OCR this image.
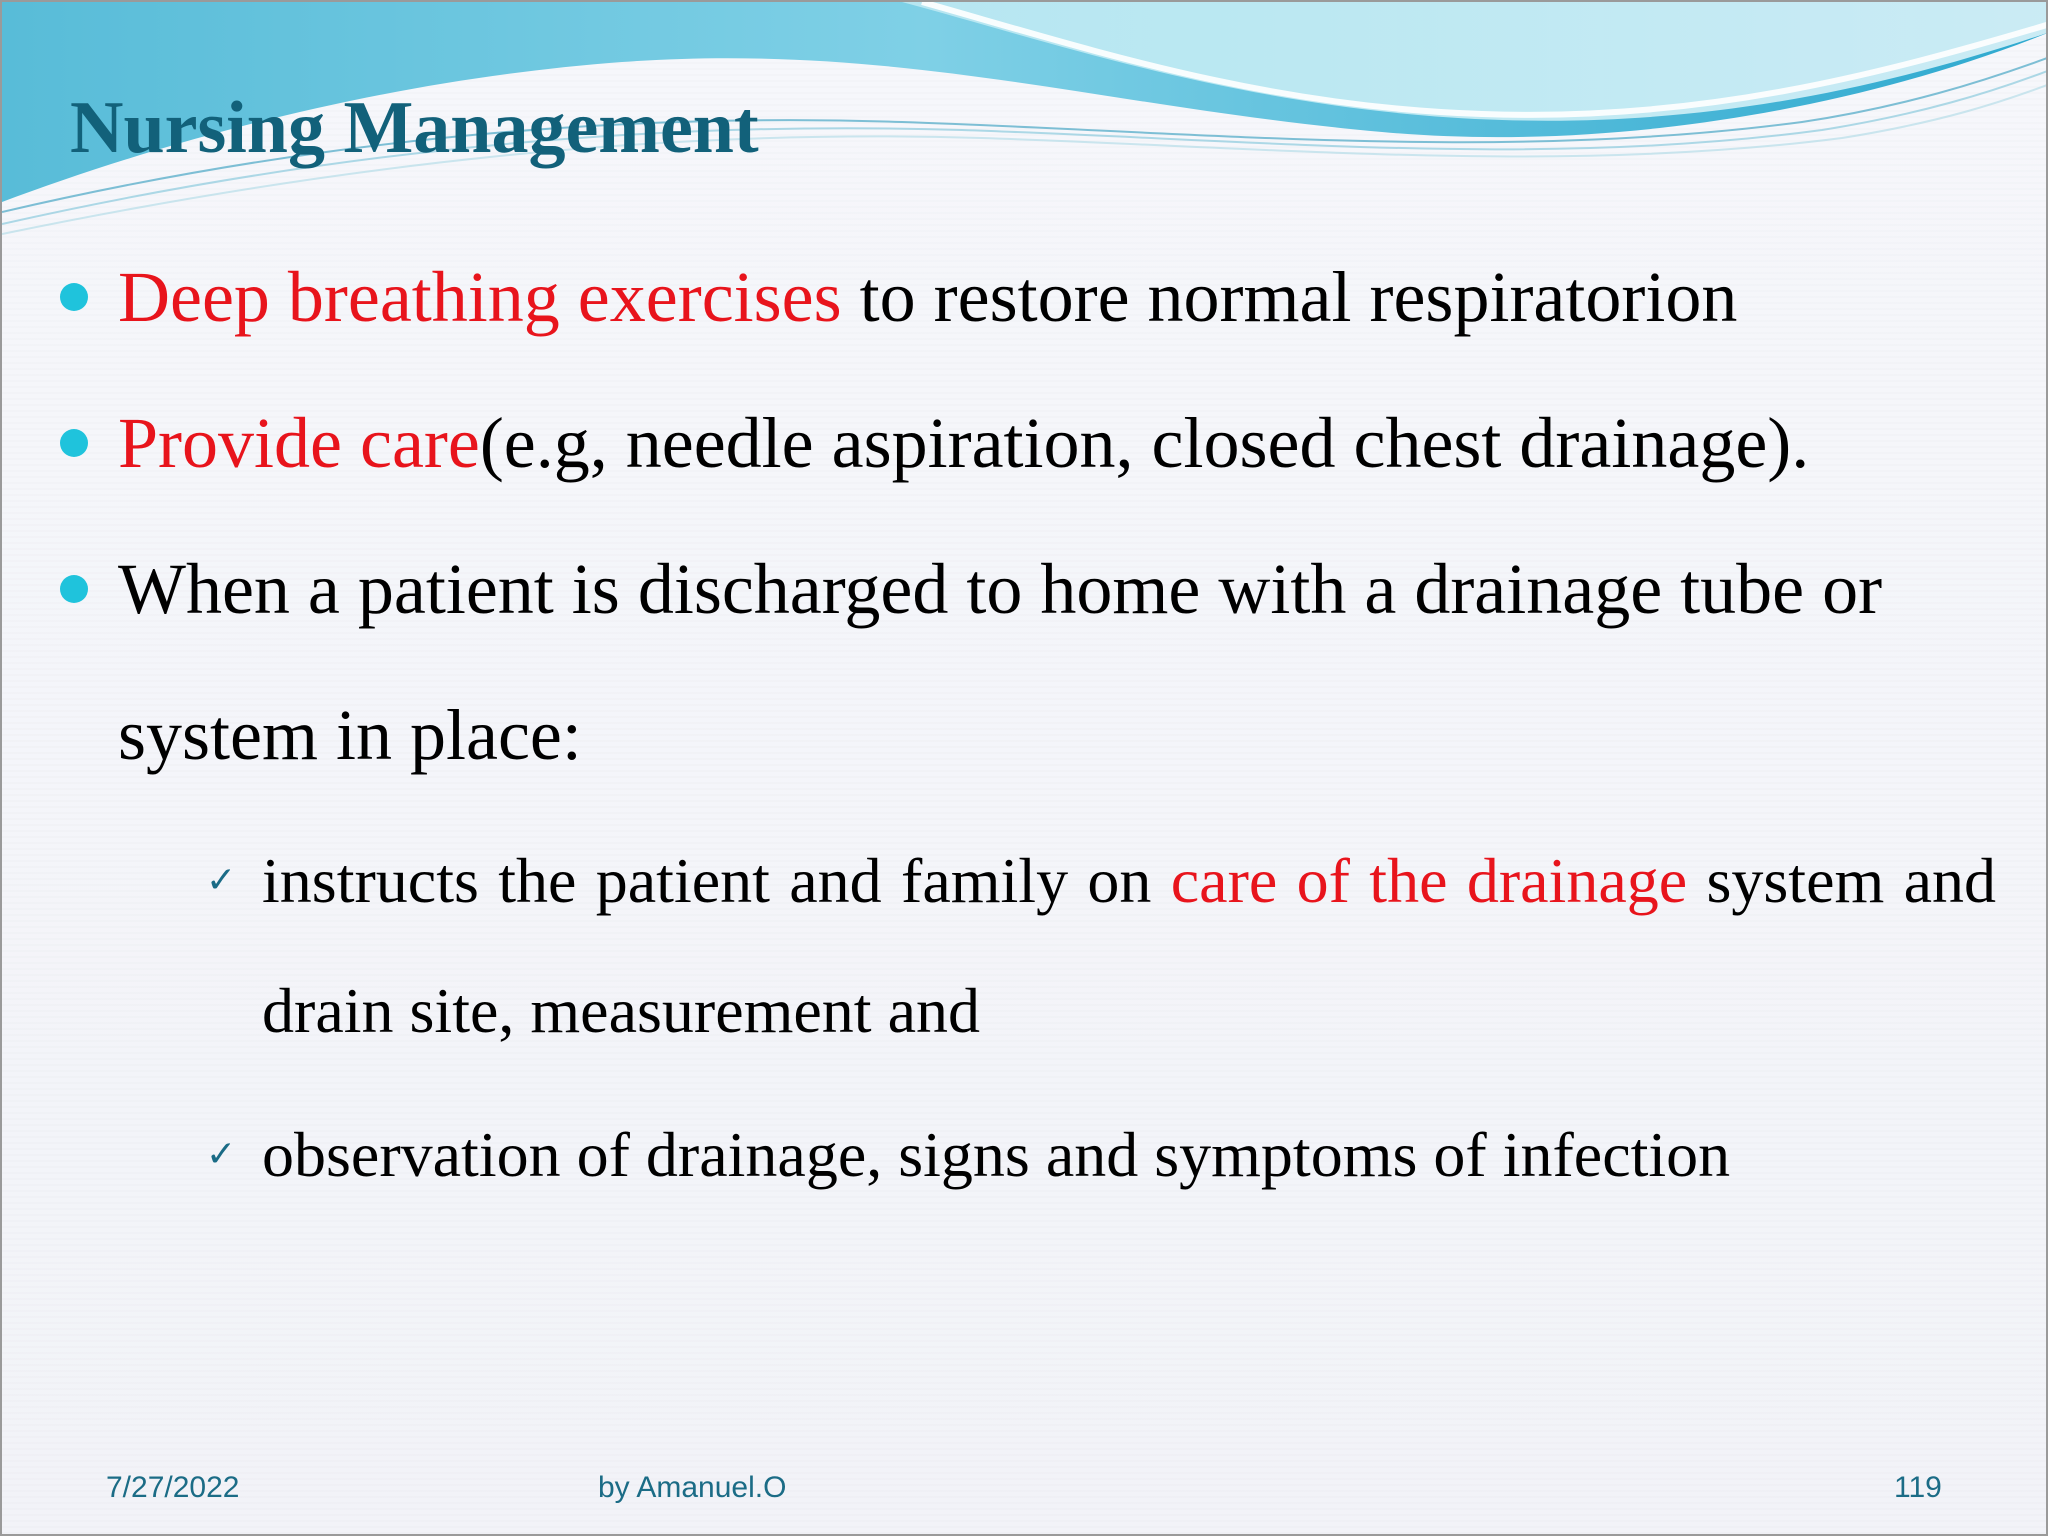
Nursing Management
Deep breathing exercises to restore normal respiratorion
Provide care(e.g, needle aspiration, closed chest drainage).
When a patient is discharged to home with a drainage tube or system in place:
✓ instructs the patient and family on care of the drainage system and drain site, measurement and
✓ observation of drainage, signs and symptoms of infection
7/27/2022	by Amanuel.O	119
